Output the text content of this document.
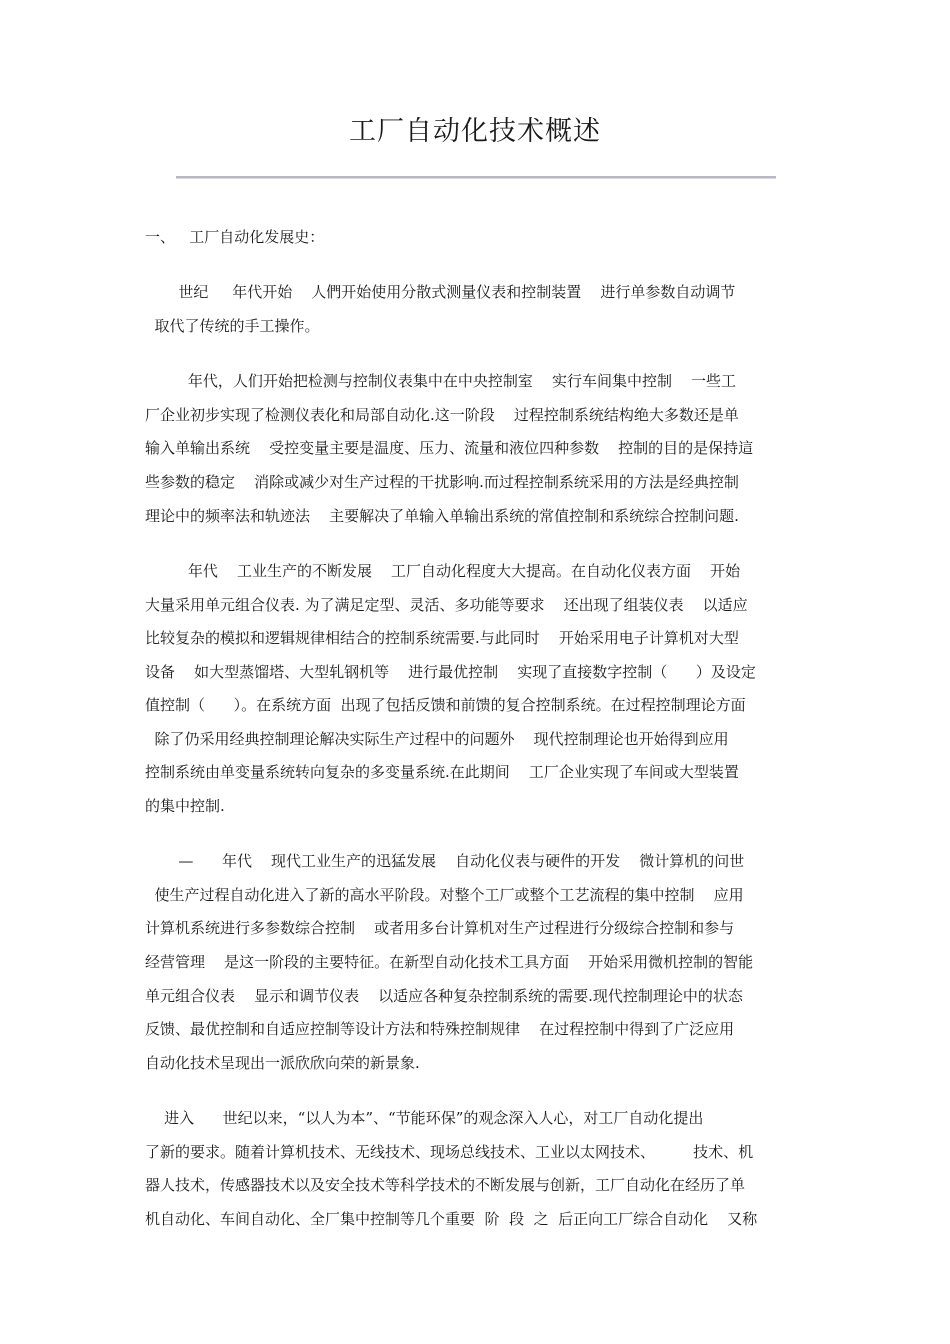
工厂自动化技术概述
一、   工厂自动化发展史：
世纪     年代开始    人們开始使用分散式测量仪表和控制装置    进行单参数自动调节
取代了传统的手工操作。
年代，人们开始把检测与控制仪表集中在中央控制室    实行车间集中控制    一些工
厂企业初步实现了检测仪表化和局部自动化.这一阶段    过程控制系统结构绝大多数还是单
输入单输出系统    受控变量主要是温度、压力、流量和液位四种参数    控制的目的是保持這
些参数的稳定    消除或减少对生产过程的干扰影响.而过程控制系统采用的方法是经典控制
理论中的频率法和轨迹法    主要解决了单输入单输出系统的常值控制和系统综合控制问题.
年代    工业生产的不断发展    工厂自动化程度大大提高。在自动化仪表方面    开始
大量采用单元组合仪表. 为了满足定型、灵活、多功能等要求    还出现了组装仪表    以适应
比较复杂的模拟和逻辑规律相结合的控制系统需要.与此同时    开始采用电子计算机对大型
设备    如大型蒸馏塔、大型轧钢机等    进行最优控制    实现了直接数字控制（      ）及设定
值控制（      ）。在系统方面  出现了包括反馈和前馈的复合控制系统。在过程控制理论方面
除了仍采用经典控制理论解决实际生产过程中的问题外    现代控制理论也开始得到应用
控制系统由单变量系统转向复杂的多变量系统.在此期间    工厂企业实现了车间或大型装置
的集中控制.
—      年代    现代工业生产的迅猛发展    自动化仪表与硬件的开发    微计算机的问世
使生产过程自动化进入了新的高水平阶段。对整个工厂或整个工艺流程的集中控制    应用
计算机系统进行多参数综合控制    或者用多台计算机对生产过程进行分级综合控制和参与
经营管理    是这一阶段的主要特征。在新型自动化技术工具方面    开始采用微机控制的智能
单元组合仪表    显示和调节仪表    以适应各种复杂控制系统的需要.现代控制理论中的状态
反馈、最优控制和自适应控制等设计方法和特殊控制规律    在过程控制中得到了广泛应用
自动化技术呈现出一派欣欣向荣的新景象.
进入      世纪以来，“以人为本”、“节能环保”的观念深入人心，对工厂自动化提出
了新的要求。随着计算机技术、无线技术、现场总线技术、工业以太网技术、        技术、机
器人技术，传感器技术以及安全技术等科学技术的不断发展与创新，工厂自动化在经历了单
机自动化、车间自动化、全厂集中控制等几个重要  阶  段  之  后正向工厂综合自动化    又称
